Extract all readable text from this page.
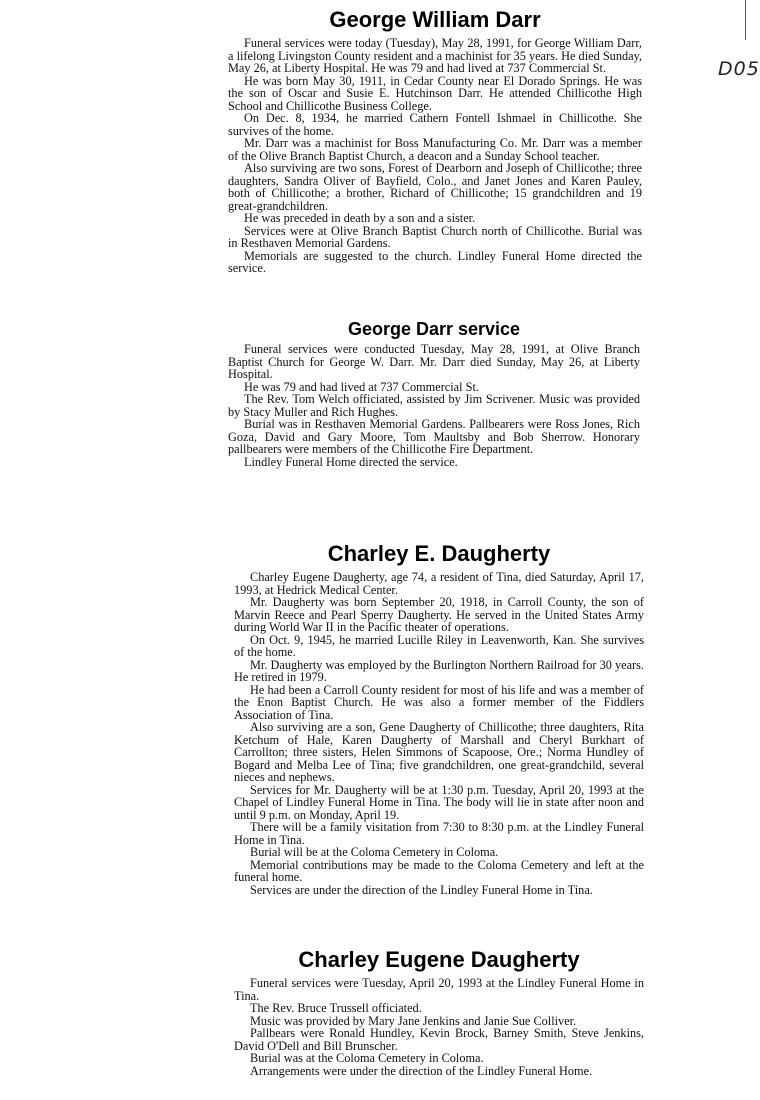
D05
George William Darr

Funeral services were today (Tuesday), May 28, 1991, for George William Darr, a lifelong Livingston County resident and a machinist for 35 years. He died Sunday, May 26, at Liberty Hospital. He was 79 and had lived at 737 Commercial St.

He was born May 30, 1911, in Cedar County near El Dorado Springs. He was the son of Oscar and Susie E. Hutchinson Darr. He attended Chillicothe High School and Chillicothe Business College.

On Dec. 8, 1934, he married Cathern Fontell Ishmael in Chillicothe. She survives of the home.

Mr. Darr was a machinist for Boss Manufacturing Co. Mr. Darr was a member of the Olive Branch Baptist Church, a deacon and a Sunday School teacher.

Also surviving are two sons, Forest of Dearborn and Joseph of Chillicothe; three daughters, Sandra Oliver of Bayfield, Colo., and Janet Jones and Karen Pauley, both of Chillicothe; a brother, Richard of Chillicothe; 15 grandchildren and 19 great-grandchildren.

He was preceded in death by a son and a sister.

Services were at Olive Branch Baptist Church north of Chillicothe. Burial was in Resthaven Memorial Gardens.

Memorials are suggested to the church. Lindley Funeral Home directed the service.

George Darr service

Funeral services were conducted Tuesday, May 28, 1991, at Olive Branch Baptist Church for George W. Darr. Mr. Darr died Sunday, May 26, at Liberty Hospital.

He was 79 and had lived at 737 Commercial St.

The Rev. Tom Welch officiated, assisted by Jim Scrivener. Music was provided by Stacy Muller and Rich Hughes.

Burial was in Resthaven Memorial Gardens. Pallbearers were Ross Jones, Rich Goza, David and Gary Moore, Tom Maultsby and Bob Sherrow. Honorary pallbearers were members of the Chillicothe Fire Department.

Lindley Funeral Home directed the service.

Charley E. Daugherty

Charley Eugene Daugherty, age 74, a resident of Tina, died Saturday, April 17, 1993, at Hedrick Medical Center.

Mr. Daugherty was born September 20, 1918, in Carroll County, the son of Marvin Reece and Pearl Sperry Daugherty. He served in the United States Army during World War II in the Pacific theater of operations.

On Oct. 9, 1945, he married Lucille Riley in Leavenworth, Kan. She survives of the home.

Mr. Daugherty was employed by the Burlington Northern Railroad for 30 years. He retired in 1979.

He had been a Carroll County resident for most of his life and was a member of the Enon Baptist Church. He was also a former member of the Fiddlers Association of Tina.

Also surviving are a son, Gene Daugherty of Chillicothe; three daughters, Rita Ketchum of Hale, Karen Daugherty of Marshall and Cheryl Burkhart of Carrollton; three sisters, Helen Simmons of Scapoose, Ore.; Norma Hundley of Bogard and Melba Lee of Tina; five grandchildren, one great-grandchild, several nieces and nephews.

Services for Mr. Daugherty will be at 1:30 p.m. Tuesday, April 20, 1993 at the Chapel of Lindley Funeral Home in Tina. The body will lie in state after noon and until 9 p.m. on Monday, April 19.

There will be a family visitation from 7:30 to 8:30 p.m. at the Lindley Funeral Home in Tina.

Burial will be at the Coloma Cemetery in Coloma.

Memorial contributions may be made to the Coloma Cemetery and left at the funeral home.

Services are under the direction of the Lindley Funeral Home in Tina.

Charley Eugene Daugherty

Funeral services were Tuesday, April 20, 1993 at the Lindley Funeral Home in Tina.

The Rev. Bruce Trussell officiated.

Music was provided by Mary Jane Jenkins and Janie Sue Colliver.

Pallbears were Ronald Hundley, Kevin Brock, Barney Smith, Steve Jenkins, David O'Dell and Bill Brunscher.

Burial was at the Coloma Cemetery in Coloma.

Arrangements were under the direction of the Lindley Funeral Home.
